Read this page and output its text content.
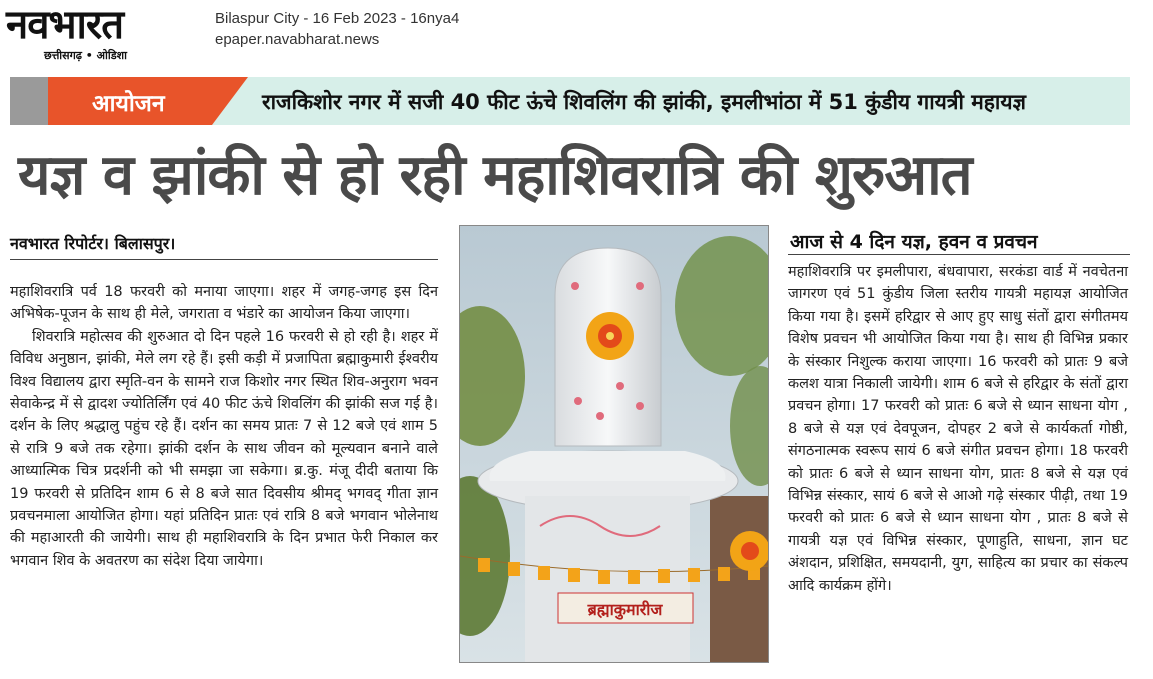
नवभारत
छत्तीसगढ़ • ओडिशा
Bilaspur City - 16 Feb 2023 - 16nya4
epaper.navabharat.news
आयोजन	राजकिशोर नगर में सजी 40 फीट ऊंचे शिवलिंग की झांकी, इमलीभांठा में 51 कुंडीय गायत्री महायज्ञ
यज्ञ व झांकी से हो रही महाशिवरात्रि की शुरुआत
नवभारत रिपोर्टर। बिलासपुर।

महाशिवरात्रि पर्व 18 फरवरी को मनाया जाएगा। शहर में जगह-जगह इस दिन अभिषेक-पूजन के साथ ही मेले, जगराता व भंडारे का आयोजन किया जाएगा।

शिवरात्रि महोत्सव की शुरुआत दो दिन पहले 16 फरवरी से हो रही है। शहर में विविध अनुष्ठान, झांकी, मेले लग रहे हैं। इसी कड़ी में प्रजापिता ब्रह्माकुमारी ईश्वरीय विश्व विद्यालय द्वारा स्मृति-वन के सामने राज किशोर नगर स्थित शिव-अनुराग भवन सेवाकेन्द्र में से द्वादश ज्योतिर्लिंग एवं 40 फीट ऊंचे शिवलिंग की झांकी सज गई है। दर्शन के लिए श्रद्धालु पहुंच रहे हैं। दर्शन का समय प्रातः 7 से 12 बजे एवं शाम 5 से रात्रि 9 बजे तक रहेगा। झांकी दर्शन के साथ जीवन को मूल्यवान बनाने वाले आध्यात्मिक चित्र प्रदर्शनी को भी समझा जा सकेगा। ब्र.कु. मंजू दीदी बताया कि 19 फरवरी से प्रतिदिन शाम 6 से 8 बजे सात दिवसीय श्रीमद् भगवद् गीता ज्ञान प्रवचनमाला आयोजित होगा। यहां प्रतिदिन प्रातः एवं रात्रि 8 बजे भगवान भोलेनाथ की महाआरती की जायेगी। साथ ही महाशिवरात्रि के दिन प्रभात फेरी निकाल कर भगवान शिव के अवतरण का संदेश दिया जायेगा।

ब्रह्माकुमारीज
आज से 4 दिन यज्ञ, हवन व प्रवचन

महाशिवरात्रि पर इमलीपारा, बंधवापारा, सरकंडा वार्ड में नवचेतना जागरण एवं 51 कुंडीय जिला स्तरीय गायत्री महायज्ञ आयोजित किया गया है। इसमें हरिद्वार से आए हुए साधु संतों द्वारा संगीतमय विशेष प्रवचन भी आयोजित किया गया है। साथ ही विभिन्न प्रकार के संस्कार निशुल्क कराया जाएगा। 16 फरवरी को प्रातः 9 बजे कलश यात्रा निकाली जायेगी। शाम 6 बजे से हरिद्वार के संतों द्वारा प्रवचन होगा। 17 फरवरी को प्रातः 6 बजे से ध्यान साधना योग , 8 बजे से यज्ञ एवं देवपूजन, दोपहर 2 बजे से कार्यकर्ता गोष्ठी, संगठनात्मक स्वरूप सायं 6 बजे संगीत प्रवचन होगा। 18 फरवरी को प्रातः 6 बजे से ध्यान साधना योग, प्रातः 8 बजे से यज्ञ एवं विभिन्न संस्कार, सायं 6 बजे से आओ गढ़े संस्कार पीढ़ी, तथा 19 फरवरी को प्रातः 6 बजे से ध्यान साधना योग , प्रातः 8 बजे से गायत्री यज्ञ एवं विभिन्न संस्कार, पूणाहुति, साधना, ज्ञान घट अंशदान, प्रशिक्षित, समयदानी, युग, साहित्य का प्रचार का संकल्प आदि कार्यक्रम होंगे।
